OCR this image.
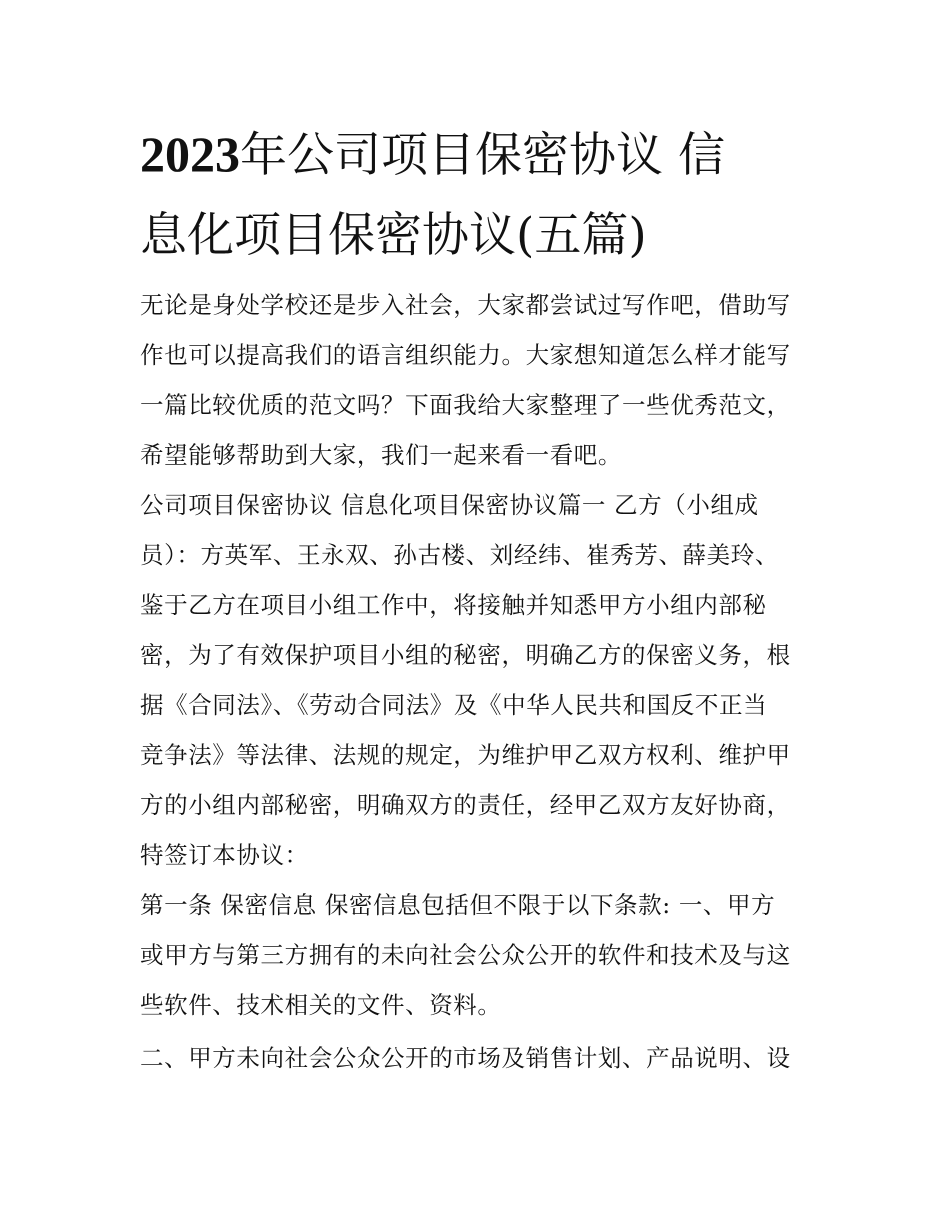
2023年公司项目保密协议 信
息化项目保密协议(五篇)
无论是身处学校还是步入社会，大家都尝试过写作吧，借助写
作也可以提高我们的语言组织能力。大家想知道怎么样才能写
一篇比较优质的范文吗？下面我给大家整理了一些优秀范文，
希望能够帮助到大家，我们一起来看一看吧。
公司项目保密协议 信息化项目保密协议篇一 乙方（小组成
员）：方英军、王永双、孙古楼、刘经纬、崔秀芳、薛美玲、
鉴于乙方在项目小组工作中，将接触并知悉甲方小组内部秘
密，为了有效保护项目小组的秘密，明确乙方的保密义务，根
据《合同法》、《劳动合同法》及《中华人民共和国反不正当
竞争法》等法律、法规的规定，为维护甲乙双方权利、维护甲
方的小组内部秘密，明确双方的责任，经甲乙双方友好协商，
特签订本协议：
第一条 保密信息 保密信息包括但不限于以下条款: 一、甲方
或甲方与第三方拥有的未向社会公众公开的软件和技术及与这
些软件、技术相关的文件、资料。
二、甲方未向社会公众公开的市场及销售计划、产品说明、设
